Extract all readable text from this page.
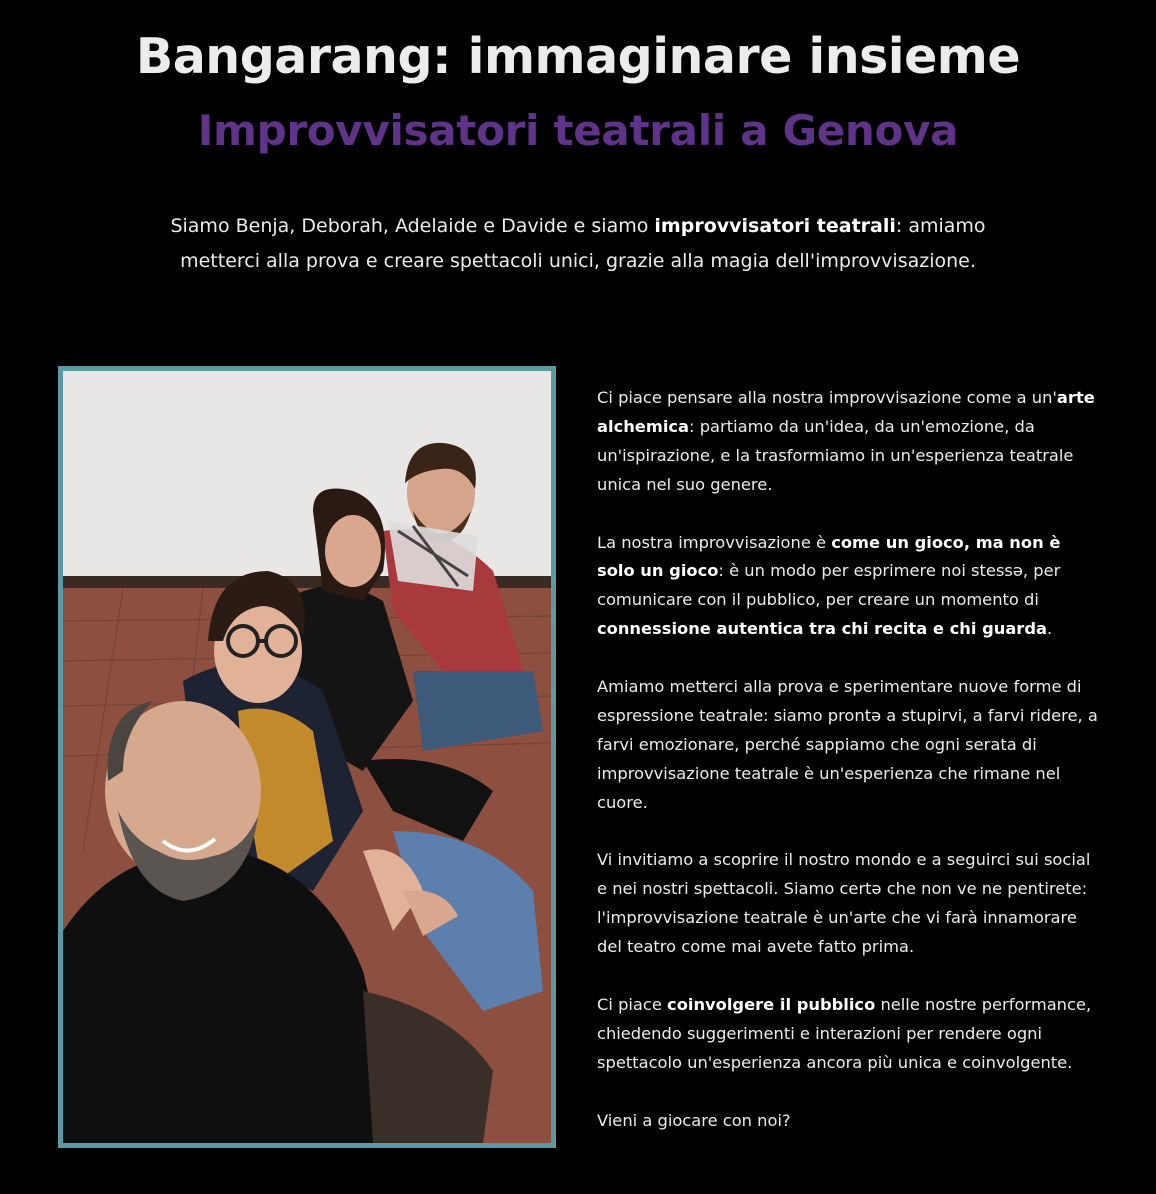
Bangarang: immaginare insieme
Improvvisatori teatrali a Genova

Siamo Benja, Deborah, Adelaide e Davide e siamo improvvisatori teatrali: amiamo metterci alla prova e creare spettacoli unici, grazie alla magia dell'improvvisazione.

Ci piace pensare alla nostra improvvisazione come a un'arte alchemica: partiamo da un'idea, da un'emozione, da un'ispirazione, e la trasformiamo in un'esperienza teatrale unica nel suo genere.

La nostra improvvisazione è come un gioco, ma non è solo un gioco: è un modo per esprimere noi stessə, per comunicare con il pubblico, per creare un momento di connessione autentica tra chi recita e chi guarda.

Amiamo metterci alla prova e sperimentare nuove forme di espressione teatrale: siamo prontə a stupirvi, a farvi ridere, a farvi emozionare, perché sappiamo che ogni serata di improvvisazione teatrale è un'esperienza che rimane nel cuore.

Vi invitiamo a scoprire il nostro mondo e a seguirci sui social e nei nostri spettacoli. Siamo certə che non ve ne pentirete: l'improvvisazione teatrale è un'arte che vi farà innamorare del teatro come mai avete fatto prima.

Ci piace coinvolgere il pubblico nelle nostre performance, chiedendo suggerimenti e interazioni per rendere ogni spettacolo un'esperienza ancora più unica e coinvolgente.

Vieni a giocare con noi?
